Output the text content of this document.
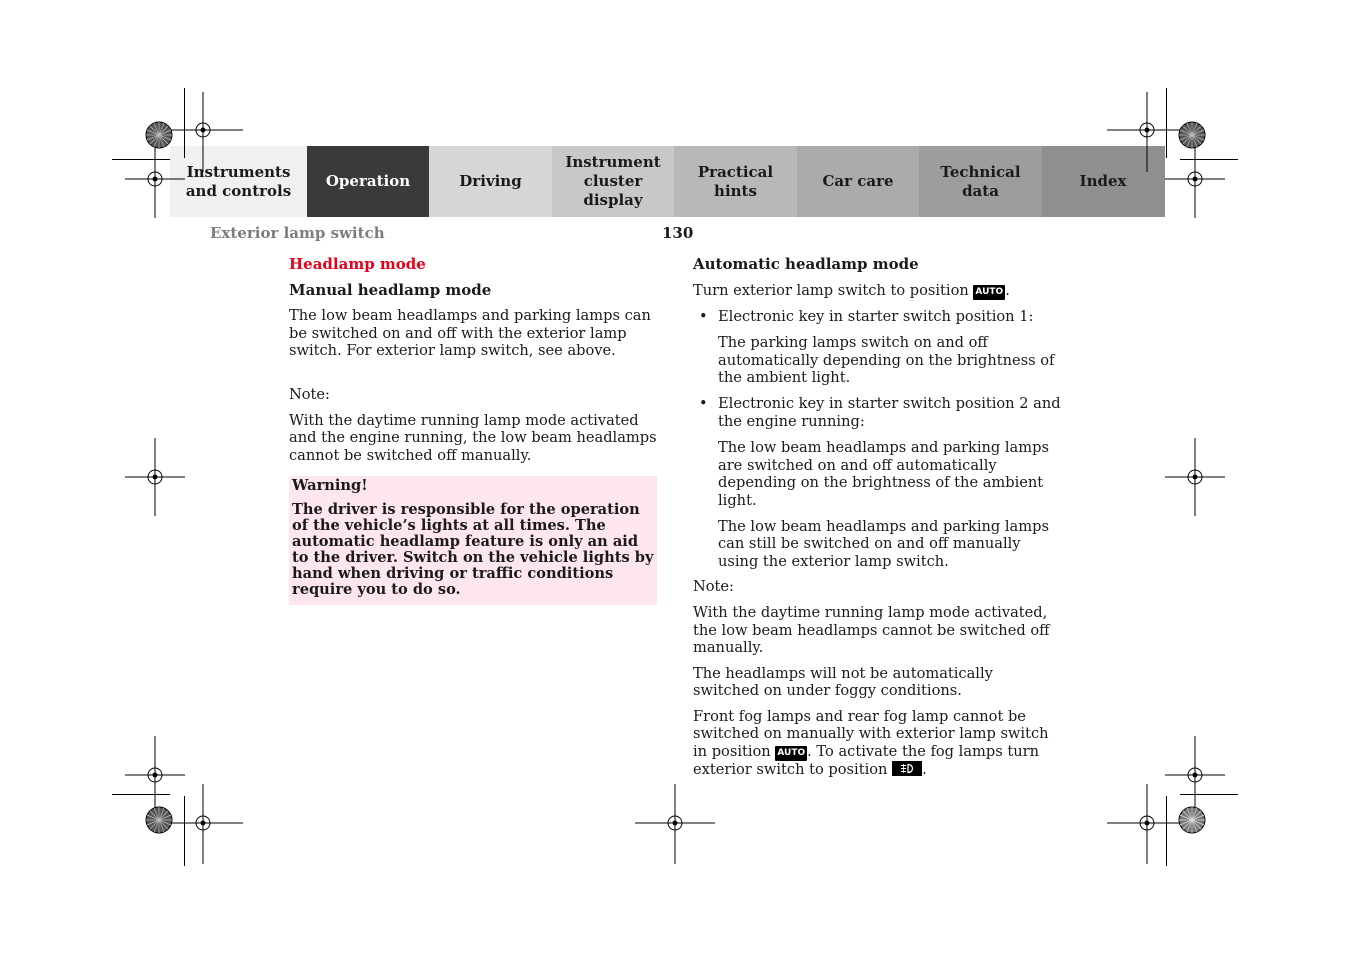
Instruments and controls
Operation	Driving
Instrument cluster display
Practical hints
Car care
Technical data
Index
Exterior lamp switch	130

Headlamp mode

Manual headlamp mode

The low beam headlamps and parking lamps can be switched on and off with the exterior lamp switch. For exterior lamp switch, see above.

Note:

With the daytime running lamp mode activated and the engine running, the low beam headlamps cannot be switched off manually.

Warning!
The driver is responsible for the operation of the vehicle’s lights at all times. The automatic headlamp feature is only an aid to the driver. Switch on the vehicle lights by hand when driving or traffic conditions require you to do so.

Automatic headlamp mode

Turn exterior lamp switch to position AUTO .

• Electronic key in starter switch position 1:

The parking lamps switch on and off automatically depending on the brightness of the ambient light.

• Electronic key in starter switch position 2 and the engine running:

The low beam headlamps and parking lamps are switched on and off automatically depending on the brightness of the ambient light.

The low beam headlamps and parking lamps can still be switched on and off manually using the exterior lamp switch.

Note:

With the daytime running lamp mode activated, the low beam headlamps cannot be switched off manually.

The headlamps will not be automatically switched on under foggy conditions.

Front fog lamps and rear fog lamp cannot be switched on manually with exterior lamp switch in position AUTO . To activate the fog lamps turn exterior switch to position .
